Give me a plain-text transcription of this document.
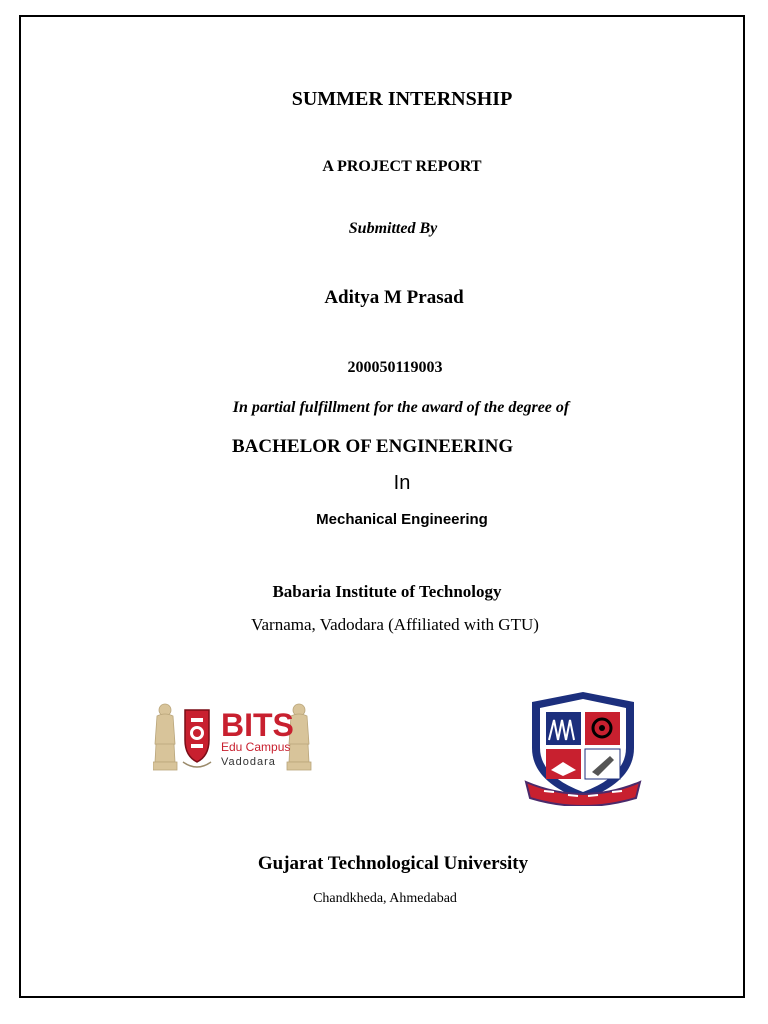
SUMMER INTERNSHIP
A PROJECT REPORT
Submitted By
Aditya M Prasad
200050119003
In partial fulfillment for the award of the degree of
BACHELOR OF ENGINEERING
In
Mechanical Engineering
Babaria Institute of Technology
Varnama, Vadodara (Affiliated with GTU)
BITS
Edu Campus
Vadodara
Gujarat Technological University
Chandkheda, Ahmedabad
